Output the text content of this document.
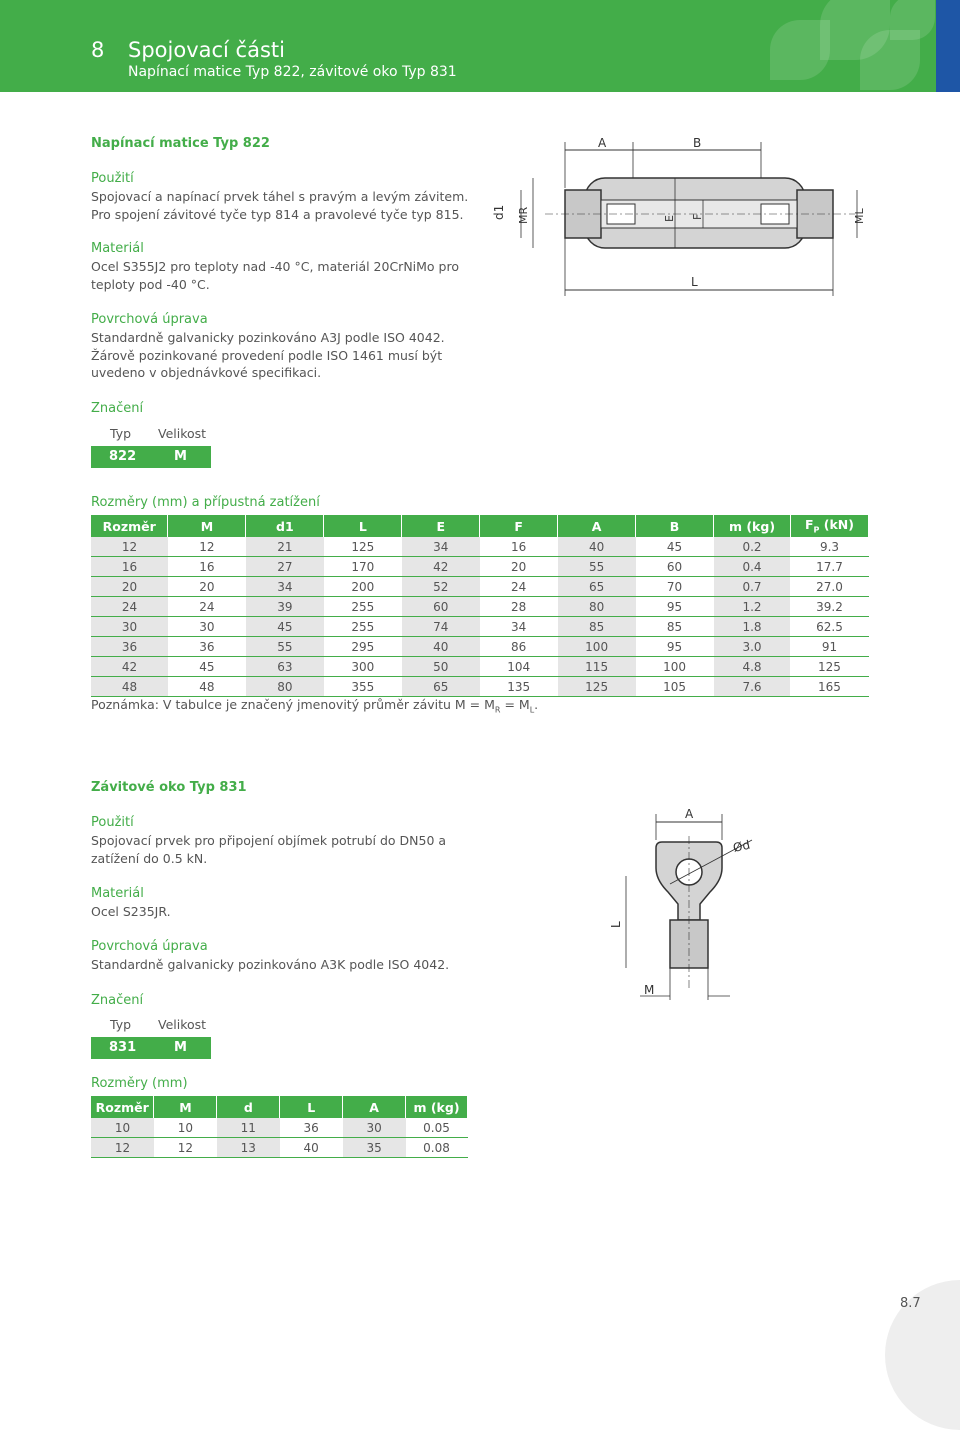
8 Spojovací části
Napínací matice Typ 822, závitové oko Typ 831
Napínací matice Typ 822
Použití
Spojovací a napínací prvek táhel s pravým a levým závitem. Pro spojení závitové tyče typ 814 a pravolevé tyče typ 815.
Materiál
Ocel S355J2 pro teploty nad -40 °C, materiál 20CrNiMo pro teploty pod -40 °C.
Povrchová úprava
Standardně galvanicky pozinkováno A3J podle ISO 4042. Žárově pozinkované provedení podle ISO 1461 musí být uvedeno v objednávkové specifikaci.
Značení
Typ Velikost
822	M
A	B
d1 MR	ML
E F
L
Rozměry (mm) a přípustná zatížení
Rozměr	M	d1	L	E	F	A	B	m (kg)	$F_P$ (kN)
12	12	21	125	34	16	40	45	0.2	9.3
16	16	27	170	42	20	55	60	0.4	17.7
20	20	34	200	52	24	65	70	0.7	27.0
24	24	39	255	60	28	80	95	1.2	39.2
30	30	45	255	74	34	85	85	1.8	62.5
36	36	55	295	40	86	100	95	3.0	91
42	45	63	300	50	104	115	100	4.8	125
48	48	80	355	65	135	125	105	7.6	165
Poznámka: V tabulce je značený jmenovitý průměr závitu $M = M_R = M_L$.
Závitové oko Typ 831
Použití
Spojovací prvek pro připojení objímek potrubí do DN50 a zatížení do 0.5 kN.
Materiál
Ocel S235JR.
Povrchová úprava
Standardně galvanicky pozinkováno A3K podle ISO 4042.
Značení
Typ Velikost
831	M
A
Ød
L
M
Rozměry (mm)
Rozměr	M	d	L	A	m (kg)
10	10	11	36	30	0.05
12	12	13	40	35	0.08
8.7
